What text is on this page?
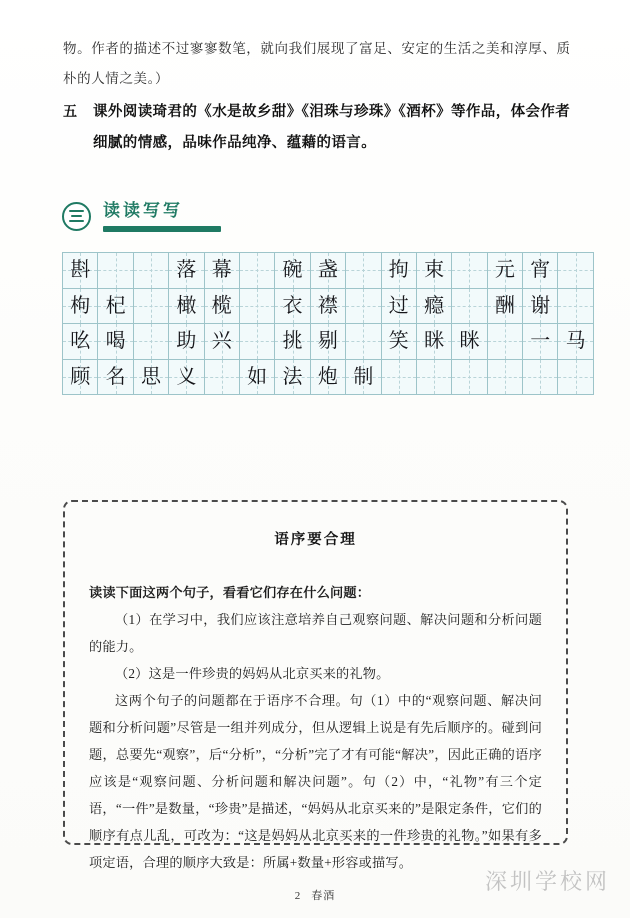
物。作者的描述不过寥寥数笔，就向我们展现了富足、安定的生活之美和淳厚、质
朴的人情之美。）
五	课外阅读琦君的《水是故乡甜》《泪珠与珍珠》《酒杯》等作品，体会作者
细腻的情感，品味作品纯净、蕴藉的语言。
读读写写
斟			落	幕		碗	盏		拘	束		元	宵	

枸	杞		橄	榄		衣	襟		过	瘾		酬	谢	

吆	喝		助	兴		挑	剔		笑	眯	眯		一	马

顾	名	思	义		如	法	炮	制						

语序要合理

读读下面这两个句子，看看它们存在什么问题：

（1）在学习中，我们应该注意培养自己观察问题、解决问题和分析问题的能力。

（2）这是一件珍贵的妈妈从北京买来的礼物。

这两个句子的问题都在于语序不合理。句（1）中的“观察问题、解决问题和分析问题”尽管是一组并列成分，但从逻辑上说是有先后顺序的。碰到问题，总要先“观察”，后“分析”，“分析”完了才有可能“解决”，因此正确的语序应该是“观察问题、分析问题和解决问题”。句（2）中，“礼物”有三个定语，“一件”是数量，“珍贵”是描述，“妈妈从北京买来的”是限定条件，它们的顺序有点儿乱，可改为：“这是妈妈从北京买来的一件珍贵的礼物。”如果有多项定语，合理的顺序大致是：所属+数量+形容或描写。

2 春酒
深圳学校网
